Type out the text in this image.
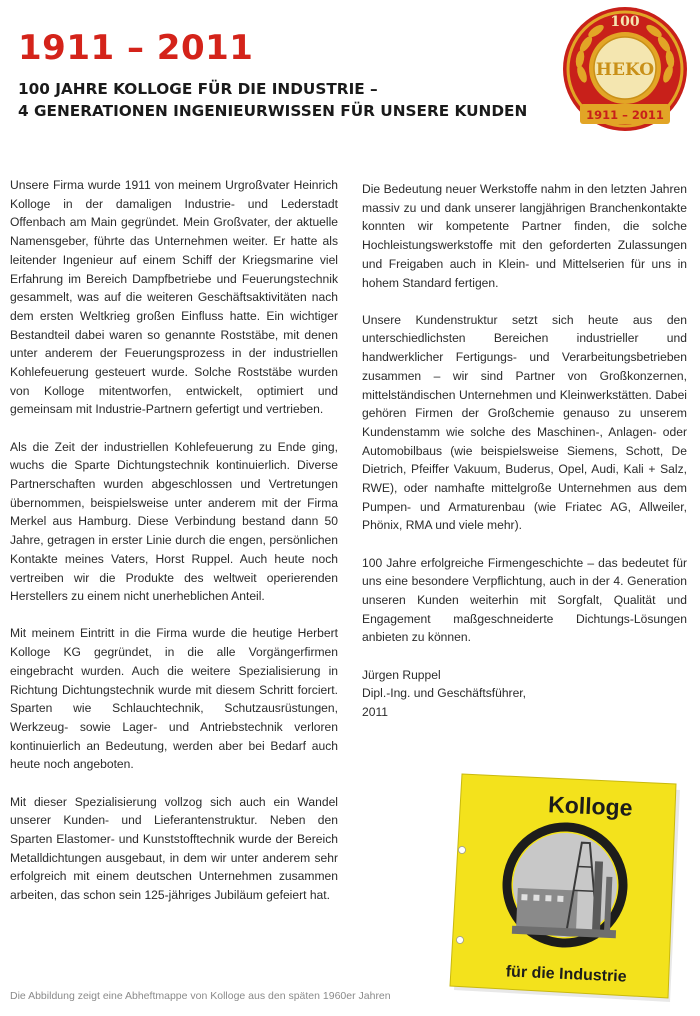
1911 – 2011
100 JAHRE KOLLOGE FÜR DIE INDUSTRIE –
4 GENERATIONEN INGENIEURWISSEN FÜR UNSERE KUNDEN
100
HEKO
1911 – 2011

Unsere Firma wurde 1911 von meinem Urgroßvater Heinrich Kolloge in der damaligen Industrie- und Lederstadt Offenbach am Main gegründet. Mein Großvater, der aktuelle Namensgeber, führte das Unternehmen weiter. Er hatte als leitender Ingenieur auf einem Schiff der Kriegsmarine viel Erfahrung im Bereich Dampfbetriebe und Feuerungstechnik gesammelt, was auf die weiteren Geschäftsaktivitäten nach dem ersten Weltkrieg großen Einfluss hatte. Ein wichtiger Bestandteil dabei waren so genannte Roststäbe, mit denen unter anderem der Feuerungsprozess in der industriellen Kohlefeuerung gesteuert wurde. Solche Roststäbe wurden von Kolloge mitentworfen, entwickelt, optimiert und gemeinsam mit Industrie-Partnern gefertigt und vertrieben.

Als die Zeit der industriellen Kohlefeuerung zu Ende ging, wuchs die Sparte Dichtungstechnik kontinuierlich. Diverse Partnerschaften wurden abgeschlossen und Vertretungen übernommen, beispielsweise unter anderem mit der Firma Merkel aus Hamburg. Diese Verbindung bestand dann 50 Jahre, getragen in erster Linie durch die engen, persönlichen Kontakte meines Vaters, Horst Ruppel. Auch heute noch vertreiben wir die Produkte des weltweit operierenden Herstellers zu einem nicht unerheblichen Anteil.

Mit meinem Eintritt in die Firma wurde die heutige Herbert Kolloge KG gegründet, in die alle Vorgängerfirmen eingebracht wurden. Auch die weitere Spezialisierung in Richtung Dichtungstechnik wurde mit diesem Schritt forciert. Sparten wie Schlauchtechnik, Schutzausrüstungen, Werkzeug- sowie Lager- und Antriebstechnik verloren kontinuierlich an Bedeutung, werden aber bei Bedarf auch heute noch angeboten.

Mit dieser Spezialisierung vollzog sich auch ein Wandel unserer Kunden- und Lieferantenstruktur. Neben den Sparten Elastomer- und Kunststofftechnik wurde der Bereich Metalldichtungen ausgebaut, in dem wir unter anderem sehr erfolgreich mit einem deutschen Unternehmen zusammen arbeiten, das schon sein 125-jähriges Jubiläum gefeiert hat.

Die Bedeutung neuer Werkstoffe nahm in den letzten Jahren massiv zu und dank unserer langjährigen Branchenkontakte konnten wir kompetente Partner finden, die solche Hochleistungswerkstoffe mit den geforderten Zulassungen und Freigaben auch in Klein- und Mittelserien für uns in hohem Standard fertigen.

Unsere Kundenstruktur setzt sich heute aus den unterschiedlichsten Bereichen industrieller und handwerklicher Fertigungs- und Verarbeitungsbetrieben zusammen – wir sind Partner von Großkonzernen, mittelständischen Unternehmen und Kleinwerkstätten. Dabei gehören Firmen der Großchemie genauso zu unserem Kundenstamm wie solche des Maschinen-, Anlagen- oder Automobilbaus (wie beispielsweise Siemens, Schott, De Dietrich, Pfeiffer Vakuum, Buderus, Opel, Audi, Kali + Salz, RWE), oder namhafte mittelgroße Unternehmen aus dem Pumpen- und Armaturenbau (wie Friatec AG, Allweiler, Phönix, RMA und viele mehr).

100 Jahre erfolgreiche Firmengeschichte – das bedeutet für uns eine besondere Verpflichtung, auch in der 4. Generation unseren Kunden weiterhin mit Sorgfalt, Qualität und Engagement maßgeschneiderte Dichtungs-Lösungen anbieten zu können.

Jürgen Ruppel
Dipl.-Ing. und Geschäftsführer,
2011
Kolloge
für die Industrie
Die Abbildung zeigt eine Abheftmappe von Kolloge aus den späten 1960er Jahren
